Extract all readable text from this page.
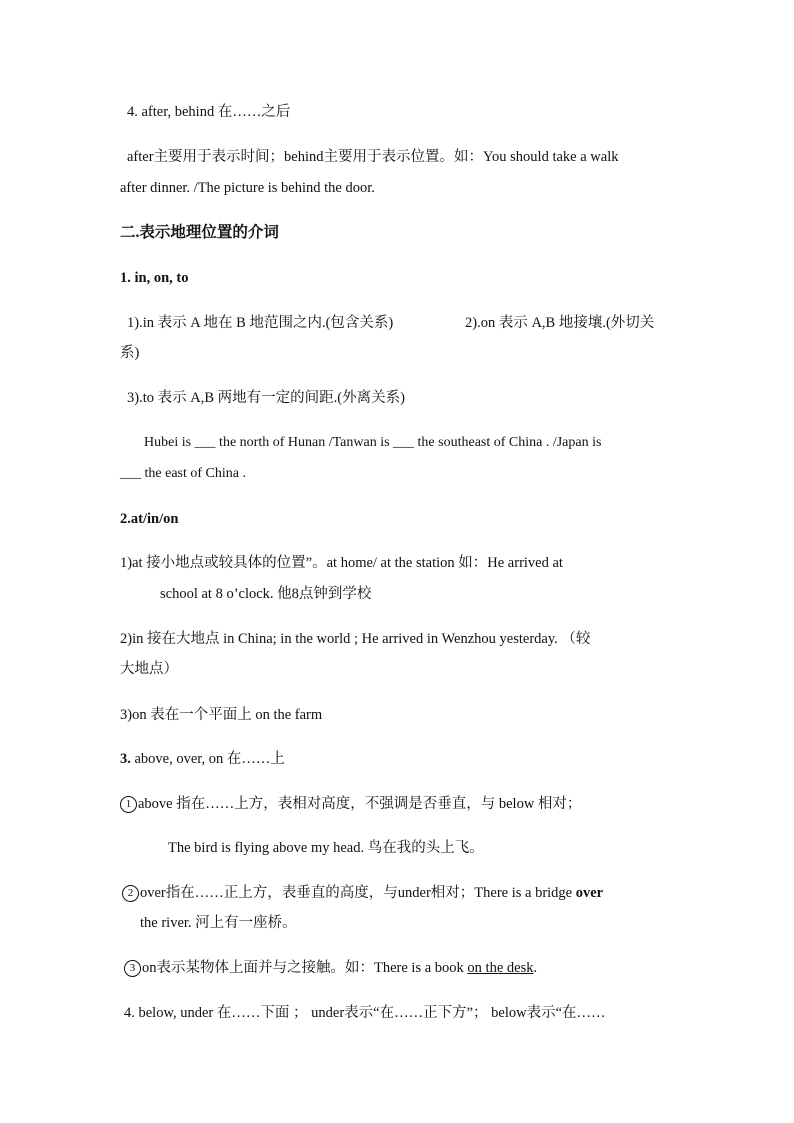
4. after, behind 在……之后
after主要用于表示时间；behind主要用于表示位置。如：You should take a walk
after dinner. /The picture is behind the door.
二.表示地理位置的介词
1. in, on, to
1).in 表示 A 地在 B 地范围之内.(包含关系)	2).on 表示 A,B 地接壤.(外切关
系)
3).to 表示 A,B 两地有一定的间距.(外离关系)
Hubei is ___ the north of Hunan /Tanwan is ___ the southeast of China . /Japan is
___ the east of China .
2.at/in/on
1)at 接小地点或较具体的位置”。at home/ at the station 如：He arrived at
school at 8 o’clock. 他8点钟到学校
2)in 接在大地点 in China; in the world ; He arrived in Wenzhou yesterday. （较
大地点）
3)on 表在一个平面上 on the farm
3. above, over, on 在……上
1 above 指在……上方，表相对高度，不强调是否垂直，与 below 相对；
The bird is flying above my head. 鸟在我的头上飞。
2 over指在……正上方，表垂直的高度，与under相对；There is a bridge over
the river. 河上有一座桥。
3 on表示某物体上面并与之接触。如：There is a book on the desk.
4. below, under 在……下面 ； under表示“在……正下方”； below表示“在……
